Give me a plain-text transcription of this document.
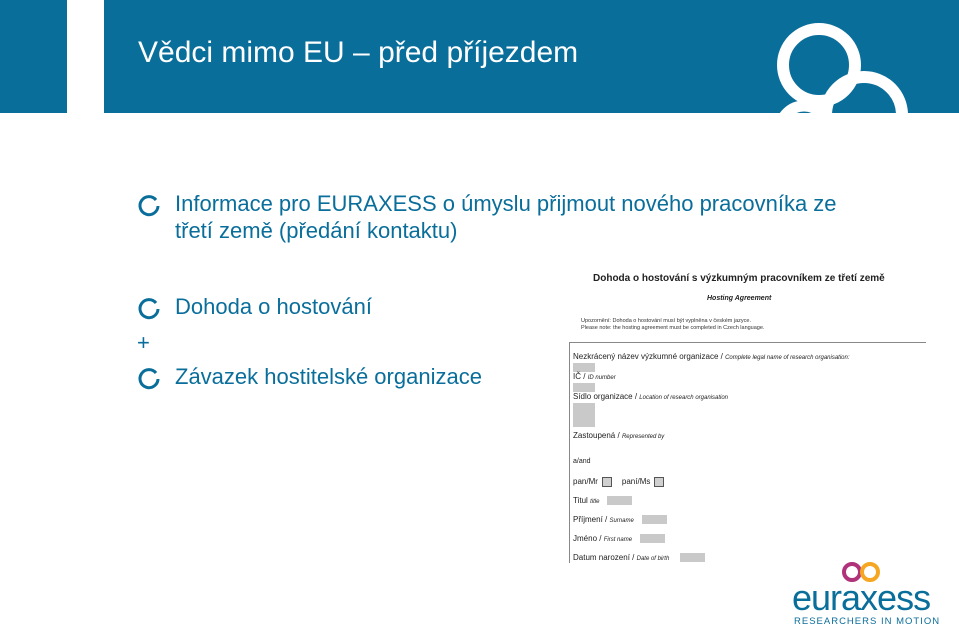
Vědci mimo EU – před příjezdem
Informace pro EURAXESS o úmyslu přijmout nového pracovníka ze
třetí země (předání kontaktu)
Dohoda o hostování
+
Závazek hostitelské organizace
Dohoda o hostování s výzkumným pracovníkem ze třetí země
Hosting Agreement
Upozornění: Dohoda o hostování musí být vyplněna v českém jazyce.
Please note: the hosting agreement must be completed in Czech language.
Nezkrácený název výzkumné organizace / Complete legal name of research organisation:
IČ / ID number
Sídlo organizace / Location of research organisation
Zastoupená / Represented by
a/and
pan/Mr	paní/Ms
Titul title
Příjmení / Surname
Jméno / First name
Datum narození / Date of birth
euraxess
RESEARCHERS IN MOTION
